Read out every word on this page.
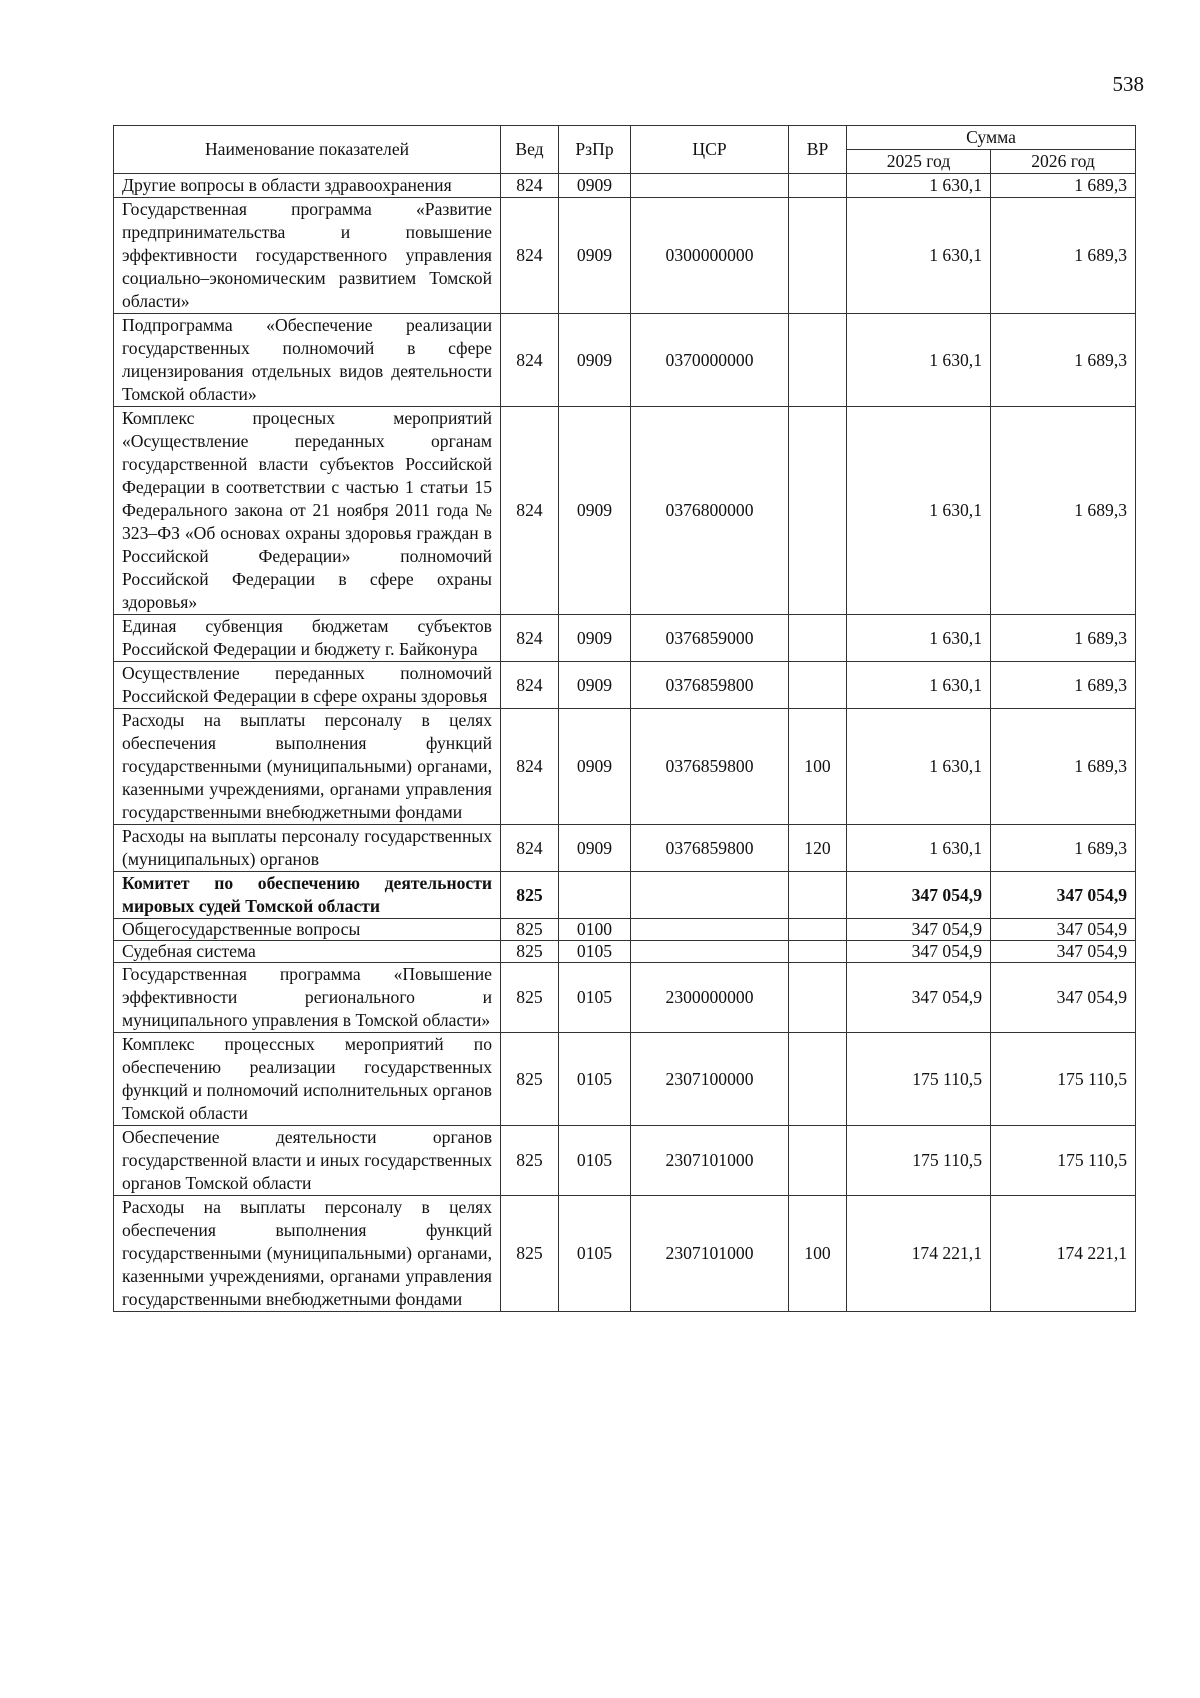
538
Наименование показателей	Вед	РзПр	ЦСР	ВР	Сумма	
					2025 год	2026 год
Другие вопросы в области здравоохранения	824	0909			1 630,1	1 689,3
Государственная программа «Развитие предпринимательства и повышение эффективности государственного управления социально–экономическим развитием Томской области»	824	0909	0300000000		1 630,1	1 689,3
Подпрограмма «Обеспечение реализации государственных полномочий в сфере лицензирования отдельных видов деятельности Томской области»	824	0909	0370000000		1 630,1	1 689,3
Комплекс процесных мероприятий «Осуществление переданных органам государственной власти субъектов Российской Федерации в соответствии с частью 1 статьи 15 Федерального закона от 21 ноября 2011 года № 323–ФЗ «Об основах охраны здоровья граждан в Российской Федерации» полномочий Российской Федерации в сфере охраны здоровья»	824	0909	0376800000		1 630,1	1 689,3
Единая субвенция бюджетам субъектов Российской Федерации и бюджету г. Байконура	824	0909	0376859000		1 630,1	1 689,3
Осуществление переданных полномочий Российской Федерации в сфере охраны здоровья	824	0909	0376859800		1 630,1	1 689,3
Расходы на выплаты персоналу в целях обеспечения выполнения функций государственными (муниципальными) органами, казенными учреждениями, органами управления государственными внебюджетными фондами	824	0909	0376859800	100	1 630,1	1 689,3
Расходы на выплаты персоналу государственных (муниципальных) органов	824	0909	0376859800	120	1 630,1	1 689,3
Комитет по обеспечению деятельности мировых судей Томской области	825				347 054,9	347 054,9
Общегосударственные вопросы	825	0100			347 054,9	347 054,9
Судебная система	825	0105			347 054,9	347 054,9
Государственная программа «Повышение эффективности регионального и муниципального управления в Томской области»	825	0105	2300000000		347 054,9	347 054,9
Комплекс процессных мероприятий по обеспечению реализации государственных функций и полномочий исполнительных органов Томской области	825	0105	2307100000		175 110,5	175 110,5
Обеспечение деятельности органов государственной власти и иных государственных органов Томской области	825	0105	2307101000		175 110,5	175 110,5
Расходы на выплаты персоналу в целях обеспечения выполнения функций государственными (муниципальными) органами, казенными учреждениями, органами управления государственными внебюджетными фондами	825	0105	2307101000	100	174 221,1	174 221,1
